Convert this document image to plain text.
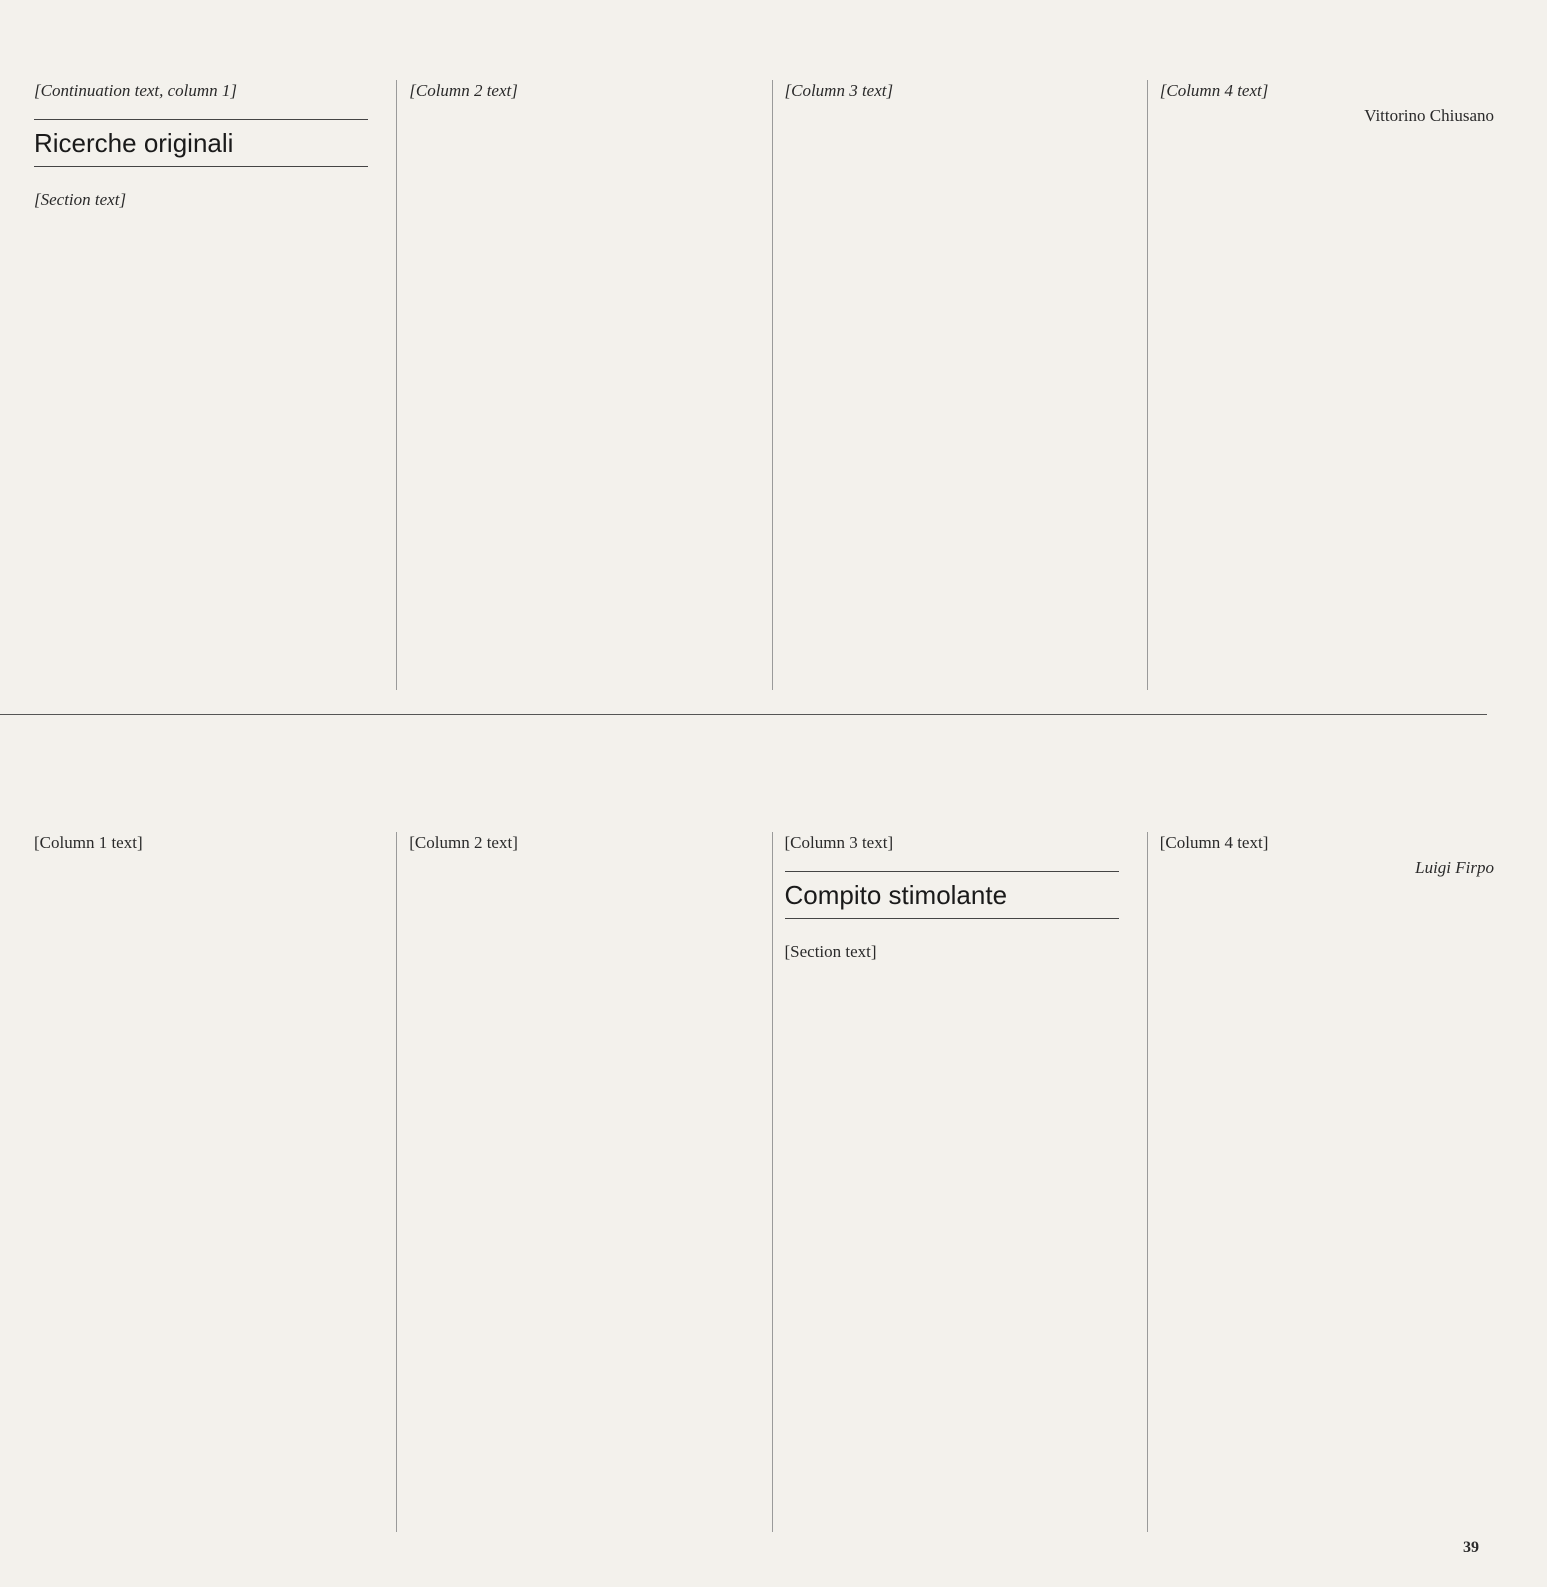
[Continuation text, column 1]

Ricerche originali

[Section text]

[Column 2 text]	[Column 3 text]	[Column 4 text]

Vittorino Chiusano

[Column 1 text]	[Column 2 text]	[Column 3 text]

Compito stimolante

[Section text]

[Column 4 text]

Luigi Firpo
39
